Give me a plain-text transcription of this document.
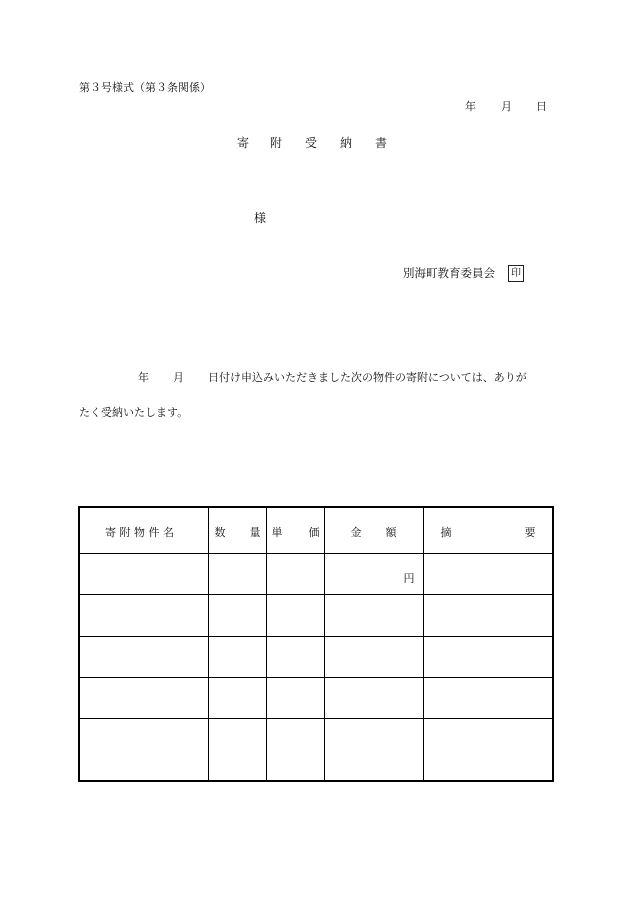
第３号様式（第３条関係）

年

月

日

寄

附

受

納

書

様
別海町教育委員会	印

年

月

日付け申込みいただきました次の物件の寄附については、ありが

たく受納いたします。
寄 附 物 件 名	数 量	単 価	金 額	摘 要

			円	
